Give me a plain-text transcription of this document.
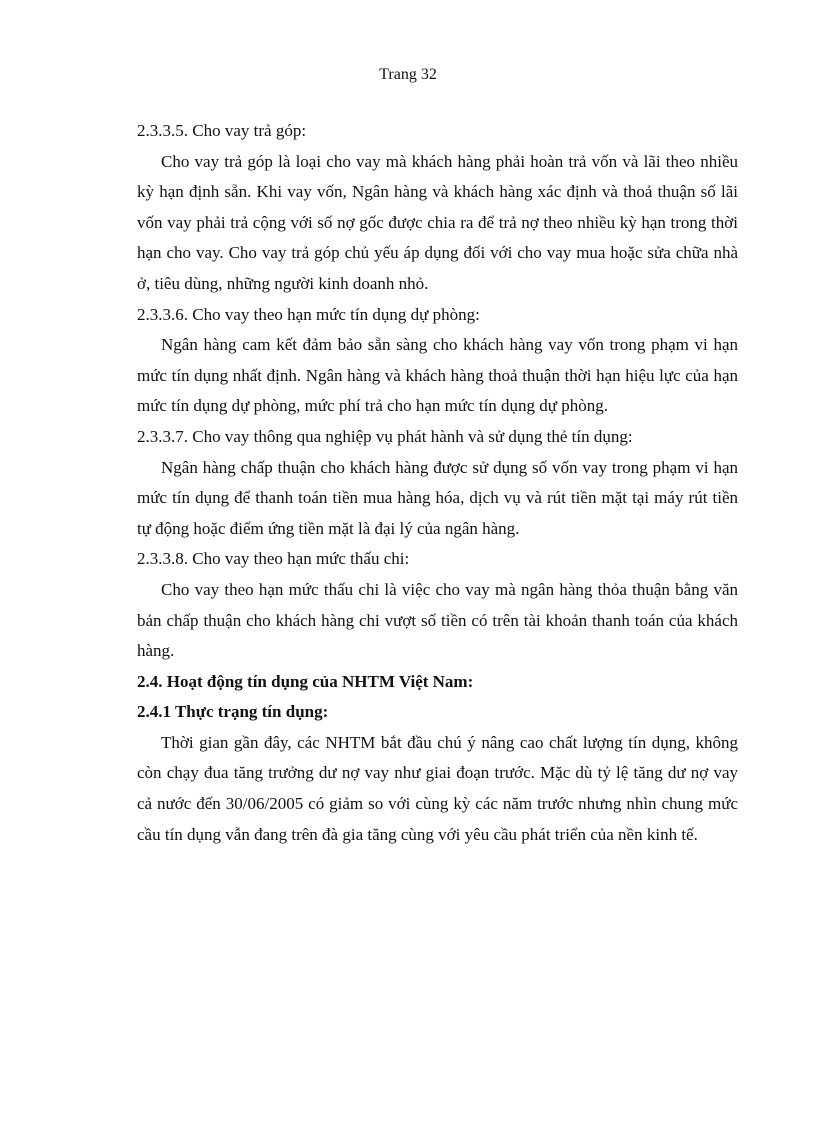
Trang 32

2.3.3.5. Cho vay trả góp:

Cho vay trả góp là loại cho vay mà khách hàng phải hoàn trả vốn và lãi theo nhiều kỳ hạn định sẵn. Khi vay vốn, Ngân hàng và khách hàng xác định và thoả thuận số lãi vốn vay phải trả cộng với số nợ gốc được chia ra để trả nợ theo nhiều kỳ hạn trong thời hạn cho vay. Cho vay trả góp chủ yếu áp dụng đối với cho vay mua hoặc sửa chữa nhà ở, tiêu dùng, những người kinh doanh nhỏ.

2.3.3.6. Cho vay theo hạn mức tín dụng dự phòng:

Ngân hàng cam kết đảm bảo sẵn sàng cho khách hàng vay vốn trong phạm vi hạn mức tín dụng nhất định. Ngân hàng và khách hàng thoả thuận thời hạn hiệu lực của hạn mức tín dụng dự phòng, mức phí trả cho hạn mức tín dụng dự phòng.

2.3.3.7. Cho vay thông qua nghiệp vụ phát hành và sử dụng thẻ tín dụng:

Ngân hàng chấp thuận cho khách hàng được sử dụng số vốn vay trong phạm vi hạn mức tín dụng để thanh toán tiền mua hàng hóa, dịch vụ và rút tiền mặt tại máy rút tiền tự động hoặc điểm ứng tiền mặt là đại lý của ngân hàng.

2.3.3.8. Cho vay theo hạn mức thấu chi:

Cho vay theo hạn mức thấu chi là việc cho vay mà ngân hàng thỏa thuận bằng văn bản chấp thuận cho khách hàng chi vượt số tiền có trên tài khoản thanh toán của khách hàng.

2.4. Hoạt động tín dụng của NHTM Việt Nam:

2.4.1 Thực trạng tín dụng:

Thời gian gần đây, các NHTM bắt đầu chú ý nâng cao chất lượng tín dụng, không còn chạy đua tăng trưởng dư nợ vay như giai đoạn trước. Mặc dù tỷ lệ tăng dư nợ vay cả nước đến 30/06/2005 có giảm so với cùng kỳ các năm trước nhưng nhìn chung mức cầu tín dụng vẫn đang trên đà gia tăng cùng với yêu cầu phát triển của nền kinh tế.
